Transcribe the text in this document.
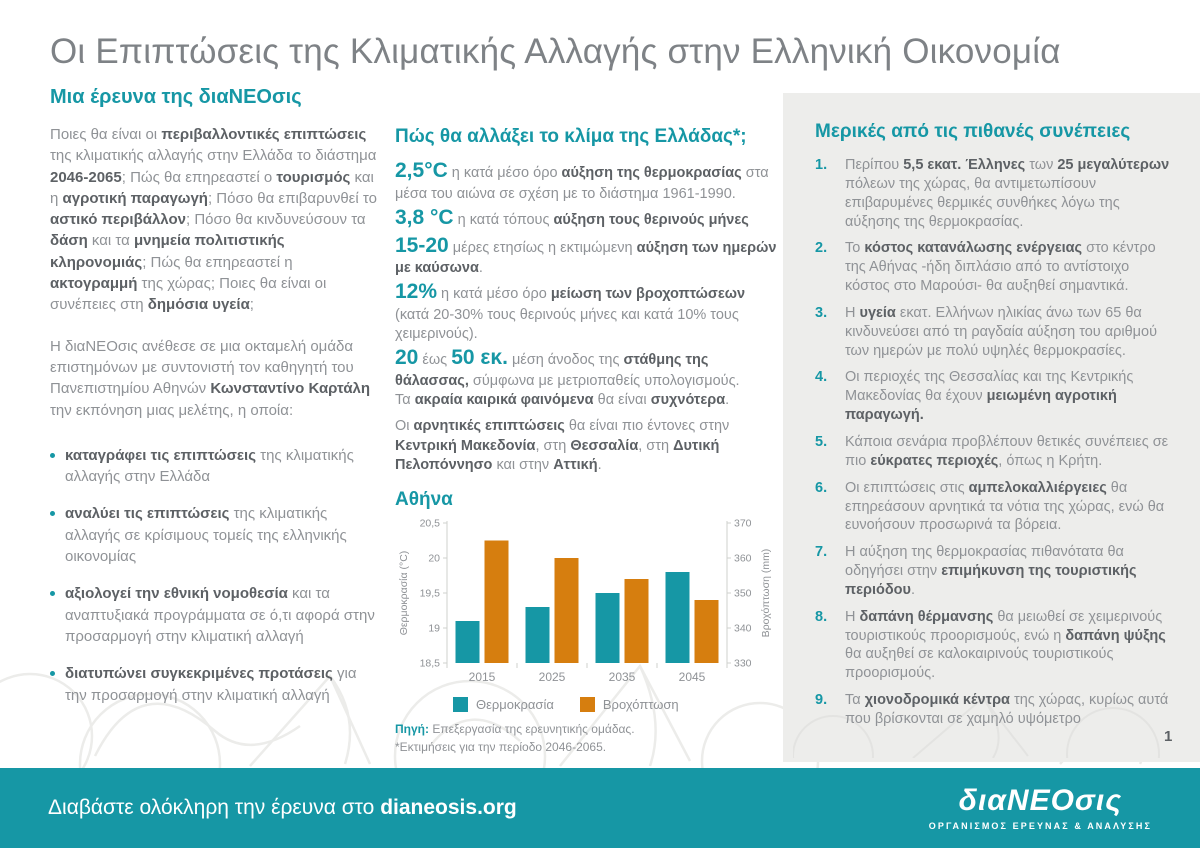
Οι Επιπτώσεις της Κλιματικής Αλλαγής στην Ελληνική Οικονομία
Μια έρευνα της διαΝΕΟσις

Ποιες θα είναι οι περιβαλλοντικές επιπτώσεις της κλιματικής αλλαγής στην Ελλάδα το διάστημα 2046-2065; Πώς θα επηρεαστεί ο τουρισμός και η αγροτική παραγωγή; Πόσο θα επιβαρυνθεί το αστικό περιβάλλον; Πόσο θα κινδυνεύσουν τα δάση και τα μνημεία πολιτιστικής κληρονομιάς; Πώς θα επηρεαστεί η ακτογραμμή της χώρας; Ποιες θα είναι οι συνέπειες στη δημόσια υγεία;

Η διαΝΕΟσις ανέθεσε σε μια οκταμελή ομάδα επιστημόνων με συντονιστή τον καθηγητή του Πανεπιστημίου Αθηνών Κωνσταντίνο Καρτάλη την εκπόνηση μιας μελέτης, η οποία:

καταγράφει τις επιπτώσεις της κλιματικής αλλαγής στην Ελλάδα
αναλύει τις επιπτώσεις της κλιματικής αλλαγής σε κρίσιμους τομείς της ελληνικής οικονομίας
αξιολογεί την εθνική νομοθεσία και τα αναπτυξιακά προγράμματα σε ό,τι αφορά στην προσαρμογή στην κλιματική αλλαγή
διατυπώνει συγκεκριμένες προτάσεις για την προσαρμογή στην κλιματική αλλαγή
Πώς θα αλλάξει το κλίμα της Ελλάδας*;

2,5°C η κατά μέσο όρο αύξηση της θερμοκρασίας στα μέσα του αιώνα σε σχέση με το διάστημα 1961-1990.

3,8 °C η κατά τόπους αύξηση τους θερινούς μήνες

15-20 μέρες ετησίως η εκτιμώμενη αύξηση των ημερών με καύσωνα.

12% η κατά μέσο όρο μείωση των βροχοπτώσεων (κατά 20-30% τους θερινούς μήνες και κατά 10% τους χειμερινούς).

20 έως 50 εκ. μέση άνοδος της στάθμης της θάλασσας, σύμφωνα με μετριοπαθείς υπολογισμούς.

Τα ακραία καιρικά φαινόμενα θα είναι συχνότερα.

Οι αρνητικές επιπτώσεις θα είναι πιο έντονες στην Κεντρική Μακεδονία, στη Θεσσαλία, στη Δυτική Πελοπόννησο και στην Αττική.

Αθήνα
20,5
20
19,5
19
18,5
370
360
350
340
330
Θερμοκρασία (°C)	Βροχόπτωση (mm)
2015	2025	2035	2045
Θερμοκρασία	Βροχόπτωση

Πηγή: Επεξεργασία της ερευνητικής ομάδας.

*Εκτιμήσεις για την περίοδο 2046-2065.

Μερικές από τις πιθανές συνέπειες
1.	Περίπου 5,5 εκατ. Έλληνες των 25 μεγαλύτερων πόλεων της χώρας, θα αντιμετωπίσουν επιβαρυμένες θερμικές συνθήκες λόγω της αύξησης της θερμοκρασίας.
2.	Το κόστος κατανάλωσης ενέργειας στο κέντρο της Αθήνας -ήδη διπλάσιο από το αντίστοιχο κόστος στο Μαρούσι- θα αυξηθεί σημαντικά.
3.	Η υγεία εκατ. Ελλήνων ηλικίας άνω των 65 θα κινδυνεύσει από τη ραγδαία αύξηση του αριθμού των ημερών με πολύ υψηλές θερμοκρασίες.
4.	Οι περιοχές της Θεσσαλίας και της Κεντρικής Μακεδονίας θα έχουν μειωμένη αγροτική παραγωγή.
5.	Κάποια σενάρια προβλέπουν θετικές συνέπειες σε πιο εύκρατες περιοχές, όπως η Κρήτη.
6.	Οι επιπτώσεις στις αμπελοκαλλιέργειες θα επηρεάσουν αρνητικά τα νότια της χώρας, ενώ θα ευνοήσουν προσωρινά τα βόρεια.
7.	Η αύξηση της θερμοκρασίας πιθανότατα θα οδηγήσει στην επιμήκυνση της τουριστικής περιόδου.
8.	Η δαπάνη θέρμανσης θα μειωθεί σε χειμερινούς τουριστικούς προορισμούς, ενώ η δαπάνη ψύξης θα αυξηθεί σε καλοκαιρινούς τουριστικούς προορισμούς.
9.	Τα χιονοδρομικά κέντρα της χώρας, κυρίως αυτά που βρίσκονται σε χαμηλό υψόμετρο
1
Διαβάστε ολόκληρη την έρευνα στο dianeosis.org	διαΝΕΟσις
ΟΡΓΑΝΙΣΜΟΣ ΕΡΕΥΝΑΣ & ΑΝΑΛΥΣΗΣ
